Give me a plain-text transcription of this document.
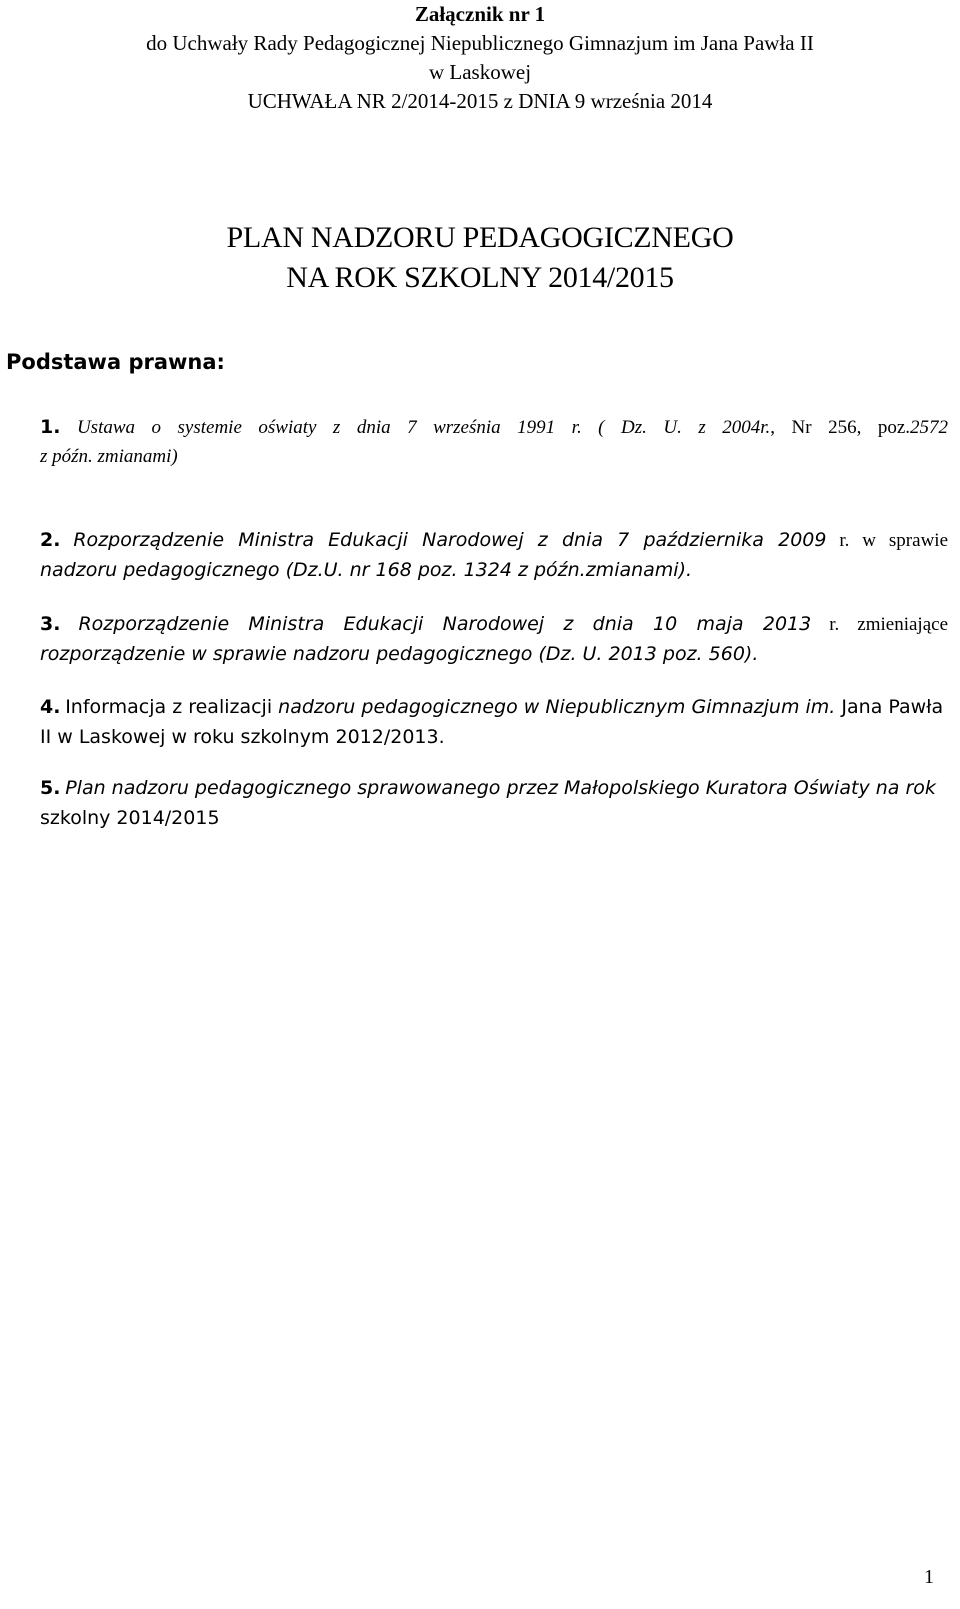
Załącznik nr 1
do Uchwały Rady Pedagogicznej Niepublicznego Gimnazjum im Jana Pawła II
w Laskowej
UCHWAŁA NR 2/2014-2015 z DNIA 9 września 2014
PLAN NADZORU PEDAGOGICZNEGO
NA ROK SZKOLNY 2014/2015
Podstawa prawna:
1. Ustawa o systemie oświaty z dnia 7 września 1991 r. ( Dz. U. z 2004r., Nr 256, poz.2572
z późn. zmianami)
2. Rozporządzenie Ministra Edukacji Narodowej z dnia 7 października 2009 r. w sprawie
nadzoru pedagogicznego (Dz.U. nr 168 poz. 1324 z późn.zmianami).
3. Rozporządzenie Ministra Edukacji Narodowej z dnia 10 maja 2013 r. zmieniające
rozporządzenie w sprawie nadzoru pedagogicznego (Dz. U. 2013 poz. 560).
4. Informacja z realizacji nadzoru pedagogicznego w Niepublicznym Gimnazjum im. Jana Pawła
II w Laskowej w roku szkolnym 2012/2013.
5. Plan nadzoru pedagogicznego sprawowanego przez Małopolskiego Kuratora Oświaty na rok
szkolny 2014/2015
1
